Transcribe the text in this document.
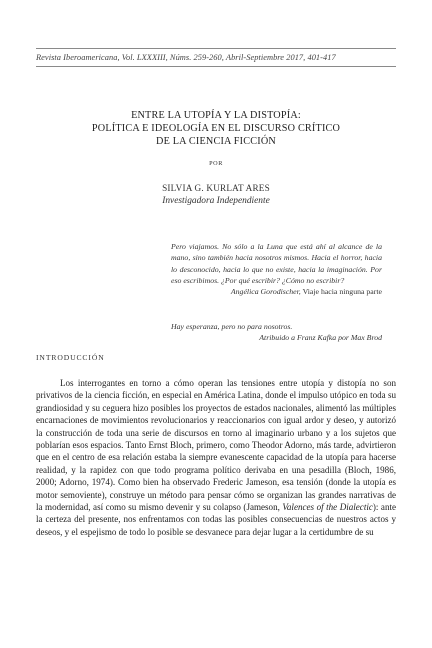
Revista Iberoamericana, Vol. LXXXIII, Núms. 259-260, Abril-Septiembre 2017, 401-417
ENTRE LA UTOPÍA Y LA DISTOPÍA:
POLÍTICA E IDEOLOGÍA EN EL DISCURSO CRÍTICO
DE LA CIENCIA FICCIÓN
POR
SILVIA G. KURLAT ARES
Investigadora Independiente
Pero viajamos. No sólo a la Luna que está ahí al alcance de la mano, sino también hacia nosotros mismos. Hacia el horror, hacia lo desconocido, hacia lo que no existe, hacia la imaginación. Por eso escribimos. ¿Por qué escribir? ¿Cómo no escribir?
Angélica Gorodischer, Viaje hacia ninguna parte
Hay esperanza, pero no para nosotros.
Atribuido a Franz Kafka por Max Brod
INTRODUCCIÓN
Los interrogantes en torno a cómo operan las tensiones entre utopía y distopía no son privativos de la ciencia ficción, en especial en América Latina, donde el impulso utópico en toda su grandiosidad y su ceguera hizo posibles los proyectos de estados nacionales, alimentó las múltiples encarnaciones de movimientos revolucionarios y reaccionarios con igual ardor y deseo, y autorizó la construcción de toda una serie de discursos en torno al imaginario urbano y a los sujetos que poblarían esos espacios. Tanto Ernst Bloch, primero, como Theodor Adorno, más tarde, advirtieron que en el centro de esa relación estaba la siempre evanescente capacidad de la utopía para hacerse realidad, y la rapidez con que todo programa político derivaba en una pesadilla (Bloch, 1986, 2000; Adorno, 1974). Como bien ha observado Frederic Jameson, esa tensión (donde la utopía es motor semoviente), construye un método para pensar cómo se organizan las grandes narrativas de la modernidad, así como su mismo devenir y su colapso (Jameson, Valences of the Dialectic): ante la certeza del presente, nos enfrentamos con todas las posibles consecuencias de nuestros actos y deseos, y el espejismo de todo lo posible se desvanece para dejar lugar a la certidumbre de su
